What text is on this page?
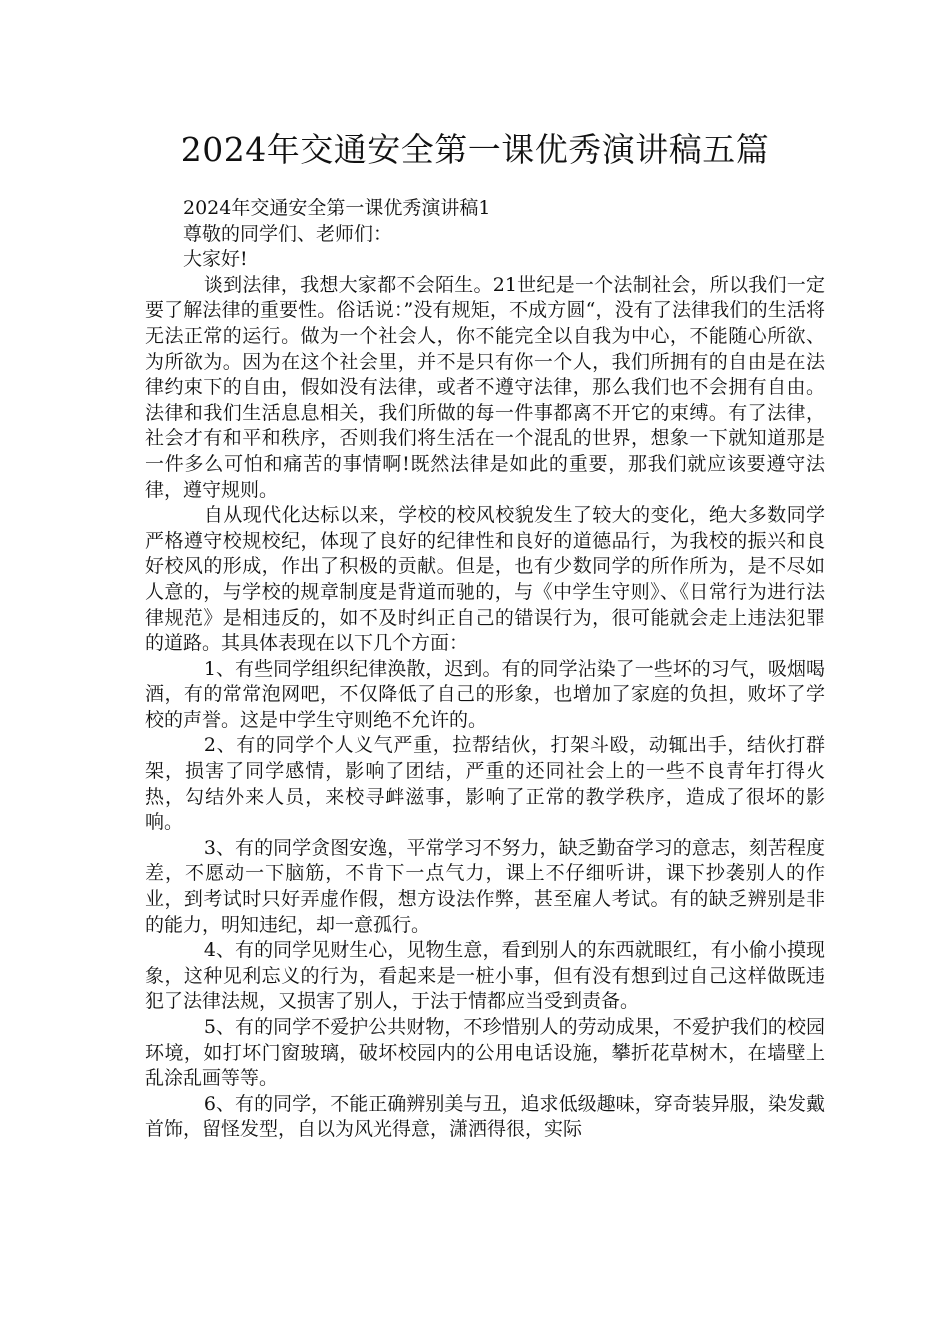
2024年交通安全第一课优秀演讲稿五篇

2024年交通安全第一课优秀演讲稿1

尊敬的同学们、老师们：

大家好!

谈到法律，我想大家都不会陌生。21世纪是一个法制社会，所以我们一定要了解法律的重要性。俗话说：”没有规矩，不成方圆“，没有了法律我们的生活将无法正常的运行。做为一个社会人，你不能完全以自我为中心，不能随心所欲、为所欲为。因为在这个社会里，并不是只有你一个人，我们所拥有的自由是在法律约束下的自由，假如没有法律，或者不遵守法律，那么我们也不会拥有自由。法律和我们生活息息相关，我们所做的每一件事都离不开它的束缚。有了法律，社会才有和平和秩序，否则我们将生活在一个混乱的世界，想象一下就知道那是一件多么可怕和痛苦的事情啊!既然法律是如此的重要，那我们就应该要遵守法律，遵守规则。

自从现代化达标以来，学校的校风校貌发生了较大的变化，绝大多数同学严格遵守校规校纪，体现了良好的纪律性和良好的道德品行，为我校的振兴和良好校风的形成，作出了积极的贡献。但是，也有少数同学的所作所为，是不尽如人意的，与学校的规章制度是背道而驰的，与《中学生守则》、《日常行为进行法律规范》是相违反的，如不及时纠正自己的错误行为，很可能就会走上违法犯罪的道路。其具体表现在以下几个方面：

1、有些同学组织纪律涣散，迟到。有的同学沾染了一些坏的习气，吸烟喝酒，有的常常泡网吧，不仅降低了自己的形象，也增加了家庭的负担，败坏了学校的声誉。这是中学生守则绝不允许的。

2、有的同学个人义气严重，拉帮结伙，打架斗殴，动辄出手，结伙打群架，损害了同学感情，影响了团结，严重的还同社会上的一些不良青年打得火热，勾结外来人员，来校寻衅滋事，影响了正常的教学秩序，造成了很坏的影响。

3、有的同学贪图安逸，平常学习不努力，缺乏勤奋学习的意志，刻苦程度差，不愿动一下脑筋，不肯下一点气力，课上不仔细听讲，课下抄袭别人的作业，到考试时只好弄虚作假，想方设法作弊，甚至雇人考试。有的缺乏辨别是非的能力，明知违纪，却一意孤行。

4、有的同学见财生心，见物生意，看到别人的东西就眼红，有小偷小摸现象，这种见利忘义的行为，看起来是一桩小事，但有没有想到过自己这样做既违犯了法律法规，又损害了别人，于法于情都应当受到责备。

5、有的同学不爱护公共财物，不珍惜别人的劳动成果，不爱护我们的校园环境，如打坏门窗玻璃，破坏校园内的公用电话设施，攀折花草树木，在墙壁上乱涂乱画等等。

6、有的同学，不能正确辨别美与丑，追求低级趣味，穿奇装异服，染发戴首饰，留怪发型，自以为风光得意，潇洒得很，实际
